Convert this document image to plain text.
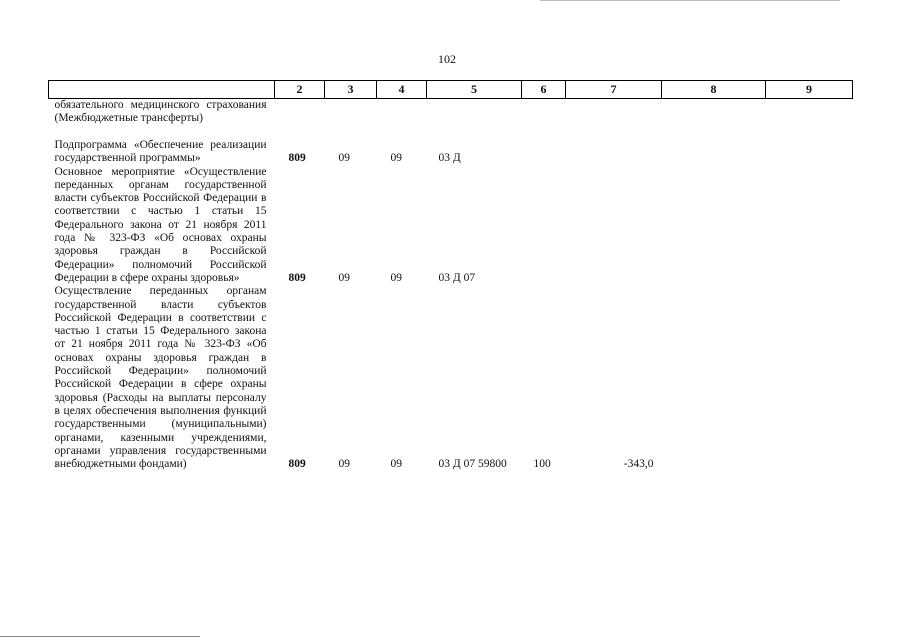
102
	2	3	4	5	6	7	8	9
обязательного медицинского страхования (Межбюджетные трансферты)								
Подпрограмма «Обеспечение реализации государственной программы»	809	09	09	03 Д				
Основное мероприятие «Осуществление переданных органам государственной власти субъектов Российской Федерации в соответствии с частью 1 статьи 15 Федерального закона от 21 ноября 2011 года № 323-ФЗ «Об основах охраны здоровья граждан в Российской Федерации» полномочий Российской Федерации в сфере охраны здоровья»	809	09	09	03 Д 07				
Осуществление переданных органам государственной власти субъектов Российской Федерации в соответствии с частью 1 статьи 15 Федерального закона от 21 ноября 2011 года № 323-ФЗ «Об основах охраны здоровья граждан в Российской Федерации» полномочий Российской Федерации в сфере охраны здоровья (Расходы на выплаты персоналу в целях обеспечения выполнения функций государственными (муниципальными) органами, казенными учреждениями, органами управления государственными внебюджетными фондами)	809	09	09	03 Д 07 59800	100	-343,0		
